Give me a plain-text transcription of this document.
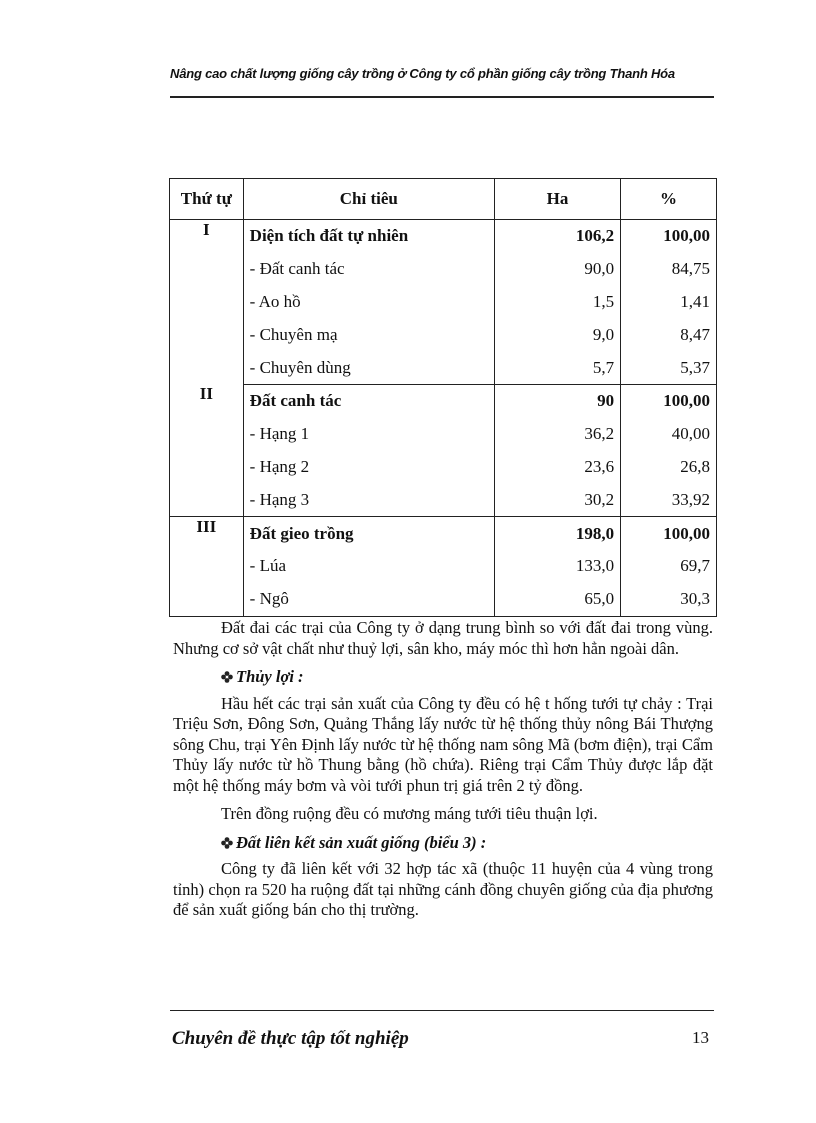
Nâng cao chất lượng giống cây trồng ở Công ty cổ phần giống cây trồng Thanh Hóa
Thứ tự	Chỉ tiêu	Ha	%
I	Diện tích đất tự nhiên	106,2	100,00
	- Đất canh tác	90,0	84,75
	- Ao hồ	1,5	1,41
	- Chuyên mạ	9,0	8,47
	- Chuyên dùng	5,7	5,37
II	Đất canh tác	90	100,00
	- Hạng 1	36,2	40,00
	- Hạng 2	23,6	26,8
	- Hạng 3	30,2	33,92
III	Đất gieo trồng	198,0	100,00
	- Lúa	133,0	69,7
	- Ngô	65,0	30,3

Đất đai các trại của Công ty ở dạng trung bình so với đất đai trong vùng. Nhưng cơ sở vật chất như thuỷ lợi, sân kho, máy móc thì hơn hẳn ngoài dân.

Thủy lợi :

Hầu hết các trại sản xuất của Công ty đều có hệ t hống tưới tự chảy : Trại Triệu Sơn, Đông Sơn, Quảng Thắng lấy nước từ hệ thống thủy nông Bái Thượng sông Chu, trại Yên Định lấy nước từ hệ thống nam sông Mã (bơm điện), trại Cẩm Thủy lấy nước từ hồ Thung bằng (hồ chứa). Riêng trại Cẩm Thủy được lắp đặt một hệ thống máy bơm và vòi tưới phun trị giá trên 2 tỷ đồng.

Trên đồng ruộng đều có mương máng tưới tiêu thuận lợi.

Đất liên kết sản xuất giống (biểu 3) :

Công ty đã liên kết với 32 hợp tác xã (thuộc 11 huyện của 4 vùng trong tỉnh) chọn ra 520 ha ruộng đất tại những cánh đồng chuyên giống của địa phương để sản xuất giống bán cho thị trường.

Chuyên đề thực tập tốt nghiệp	13
